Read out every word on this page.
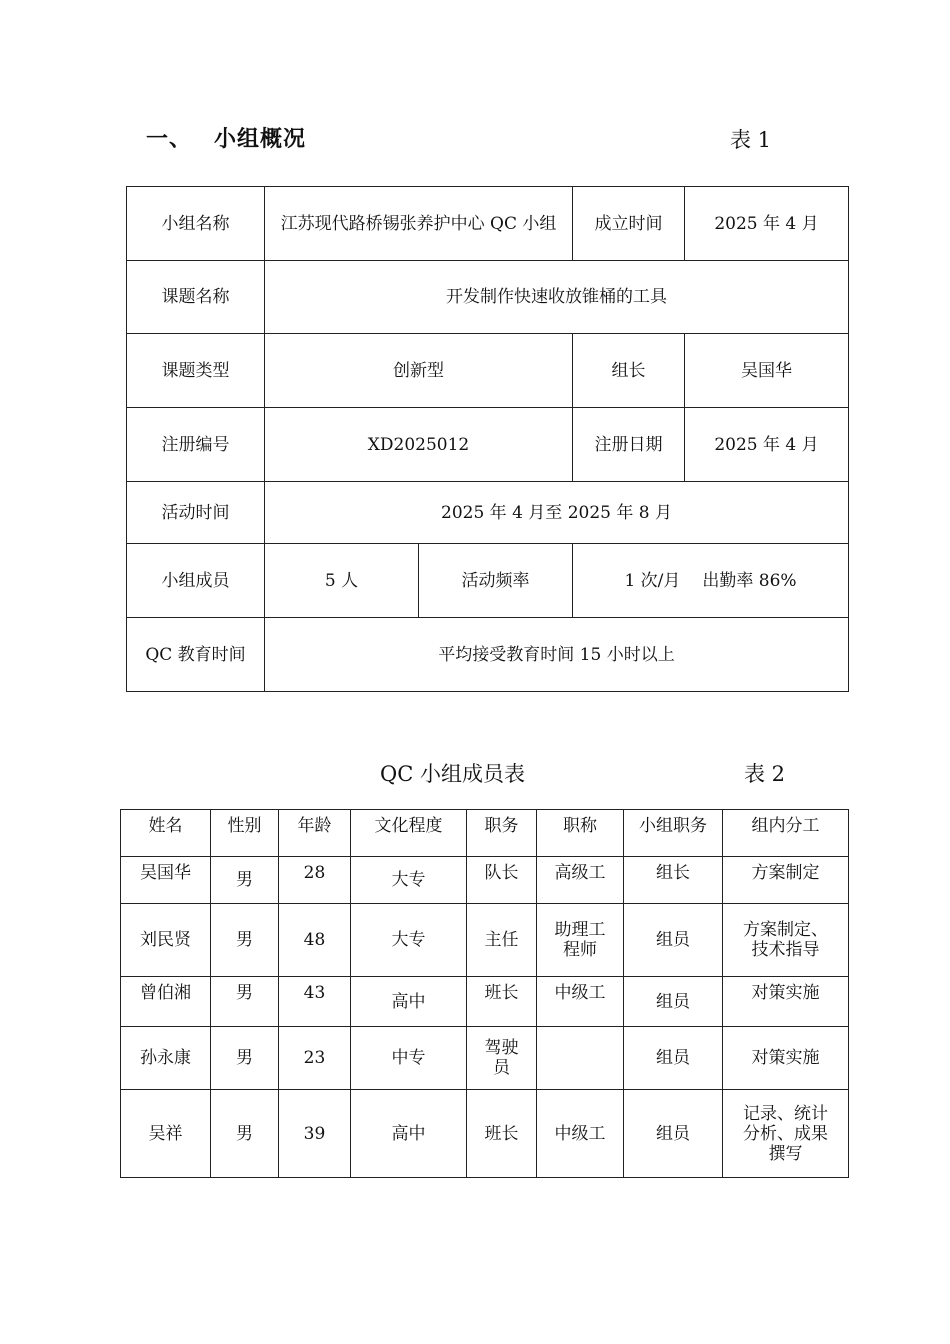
一、 小组概况	表 1
小组名称	江苏现代路桥锡张养护中心 QC 小组		成立时间	2025 年 4 月
课题名称	开发制作快速收放锥桶的工具			
课题类型	创新型		组长	吴国华
注册编号	XD2025012		注册日期	2025 年 4 月
活动时间	2025 年 4 月至 2025 年 8 月			
小组成员	5 人	活动频率	1 次/月 出勤率 86%	
QC 教育时间	平均接受教育时间 15 小时以上			
QC 小组成员表	表 2
姓名	性别	年龄	文化程度	职务	职称	小组职务	组内分工
吴国华	男	28	大专	队长	高级工	组长	方案制定
刘民贤	男	48	大专	主任	助理工程师	组员	方案制定、技术指导
曾伯湘	男	43	高中	班长	中级工	组员	对策实施
孙永康	男	23	中专	驾驶员		组员	对策实施
吴祥	男	39	高中	班长	中级工	组员	记录、统计分析、成果撰写
